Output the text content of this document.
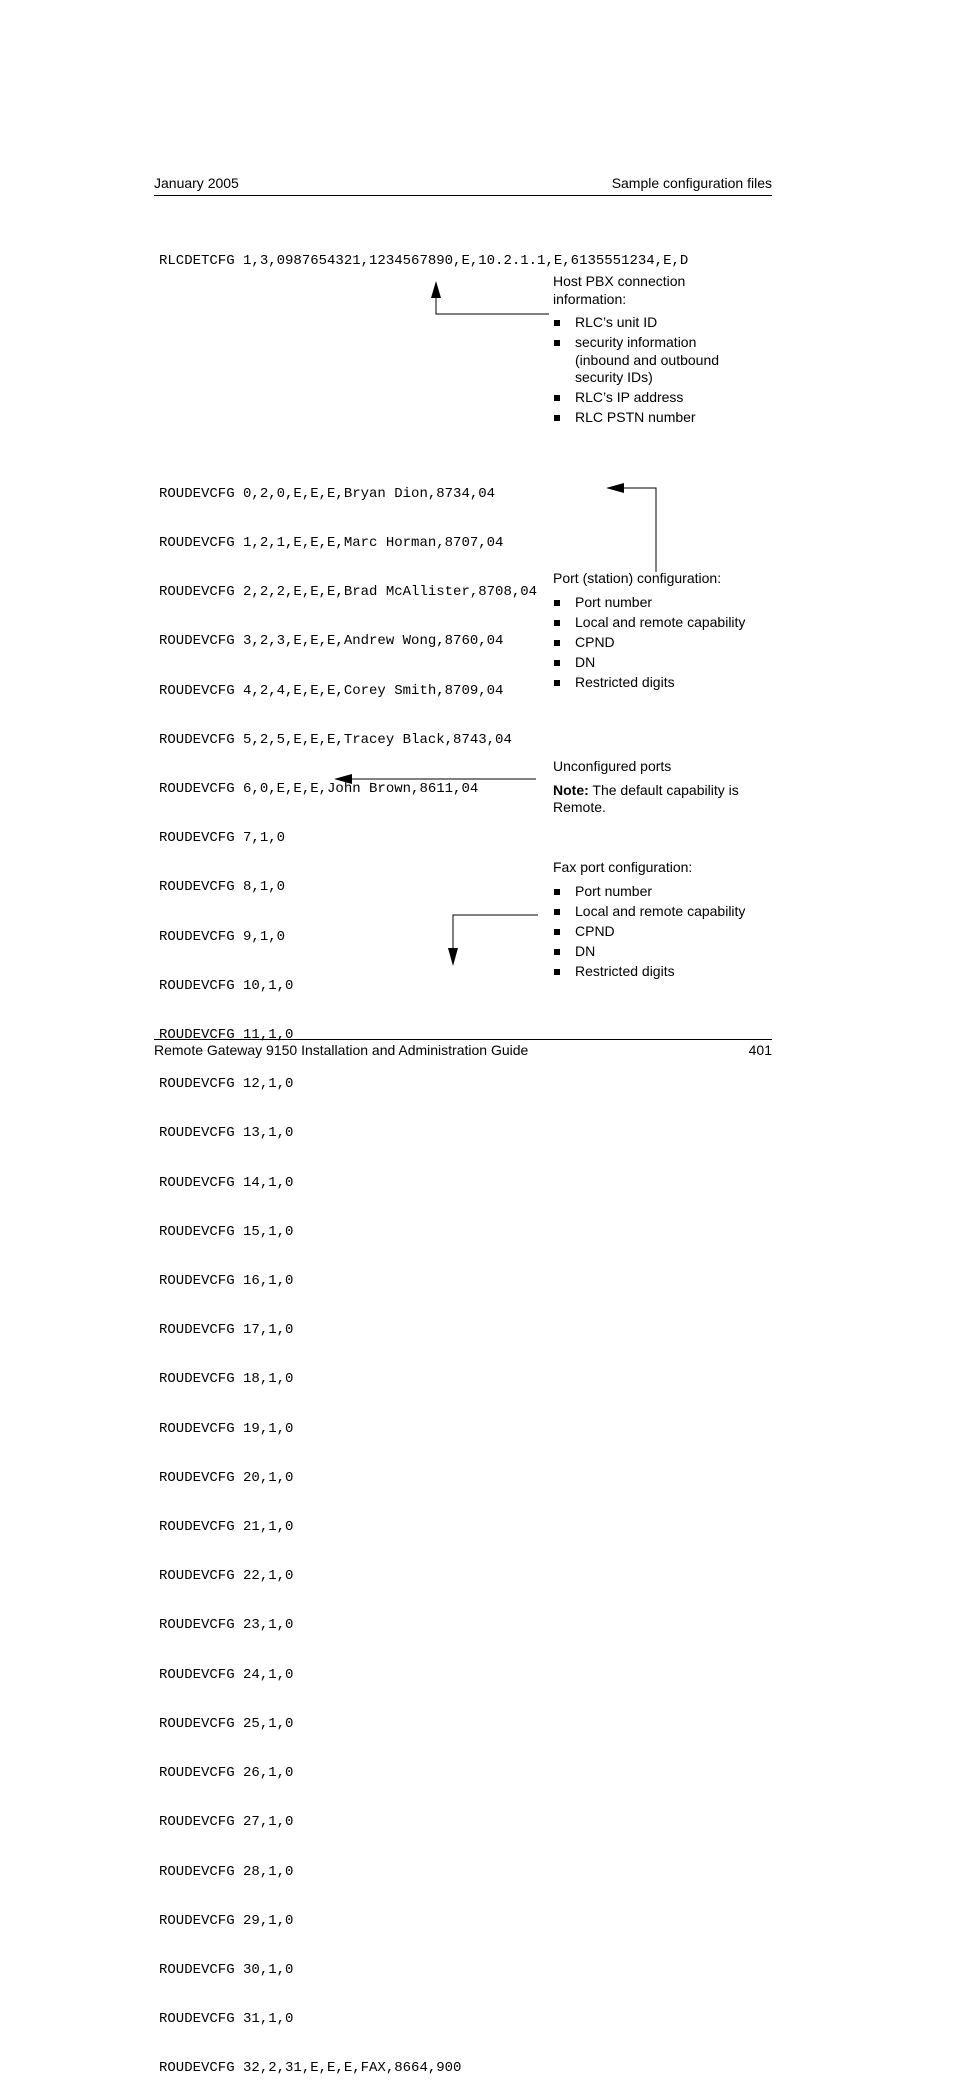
January 2005	Sample configuration files
RLCDETCFG 1,3,0987654321,1234567890,E,10.2.1.1,E,6135551234,E,D
Host PBX connection information:
RLC’s unit ID
security information (inbound and outbound security IDs)
RLC’s IP address
RLC PSTN number

ROUDEVCFG 0,2,0,E,E,E,Bryan Dion,8734,04

ROUDEVCFG 1,2,1,E,E,E,Marc Horman,8707,04

ROUDEVCFG 2,2,2,E,E,E,Brad McAllister,8708,04

ROUDEVCFG 3,2,3,E,E,E,Andrew Wong,8760,04

ROUDEVCFG 4,2,4,E,E,E,Corey Smith,8709,04

ROUDEVCFG 5,2,5,E,E,E,Tracey Black,8743,04

ROUDEVCFG 6,0,E,E,E,John Brown,8611,04

ROUDEVCFG 7,1,0

ROUDEVCFG 8,1,0

ROUDEVCFG 9,1,0

ROUDEVCFG 10,1,0

ROUDEVCFG 11,1,0

ROUDEVCFG 12,1,0

ROUDEVCFG 13,1,0

ROUDEVCFG 14,1,0

ROUDEVCFG 15,1,0

ROUDEVCFG 16,1,0

ROUDEVCFG 17,1,0

ROUDEVCFG 18,1,0

ROUDEVCFG 19,1,0

ROUDEVCFG 20,1,0

ROUDEVCFG 21,1,0

ROUDEVCFG 22,1,0

ROUDEVCFG 23,1,0

ROUDEVCFG 24,1,0

ROUDEVCFG 25,1,0

ROUDEVCFG 26,1,0

ROUDEVCFG 27,1,0

ROUDEVCFG 28,1,0

ROUDEVCFG 29,1,0

ROUDEVCFG 30,1,0

ROUDEVCFG 31,1,0

ROUDEVCFG 32,2,31,E,E,E,FAX,8664,900

Port (station) configuration:
Port number
Local and remote capability
CPND
DN
Restricted digits
Unconfigured ports
Note: The default capability is Remote.
Fax port configuration:
Port number
Local and remote capability
CPND
DN
Restricted digits
Remote Gateway 9150 Installation and Administration Guide	401
